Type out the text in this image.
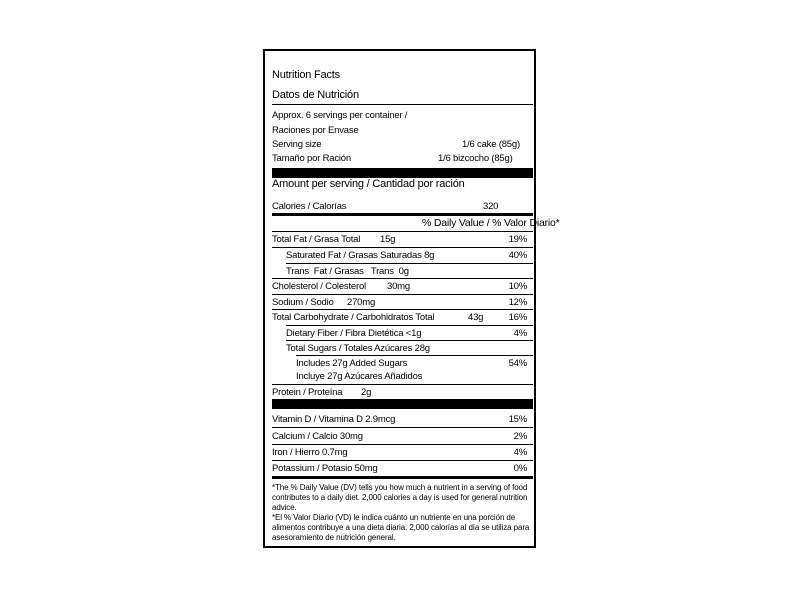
Nutrition Facts
Datos de Nutrición
Approx. 6 servings per container /
Raciones por Envase
Serving size	1/6 cake (85g)
Tamaño por Ración	1/6 bizcocho (85g)
Amount per serving / Cantidad por ración
Calories / Calorías	320
% Daily Value / % Valor Diario*
Total Fat / Grasa Total 15g	19%
Saturated Fat / Grasas Saturadas 8g	40%
Trans  Fat / Grasas   Trans  0g
Cholesterol / Colesterol 30mg	10%
Sodium / Sodio 270mg	12%
Total Carbohydrate / Carbohidratos Total	43g	16%
Dietary Fiber / Fibra Dietética <1g	4%
Total Sugars / Totales Azúcares 28g
Includes 27g Added Sugars	54%
Incluye 27g Azúcares Añadidos
Protein / Proteína 2g
Vitamin D / Vitamina D 2.9mcg	15%
Calcium / Calcio 30mg	2%
Iron / Hierro 0.7mg	4%
Potassium / Potasio 50mg	0%

*The % Daily Value (DV) tells you how much a nutrient in a serving of food contributes to a daily diet. 2,000 calories a day is used for general nutrition advice.

*El % Valor Diario (VD) le indica cuánto un nutriente en una porción de alimentos contribuye a una dieta diaria. 2,000 calorías al día se utiliza para asesoramiento de nutrición general.
